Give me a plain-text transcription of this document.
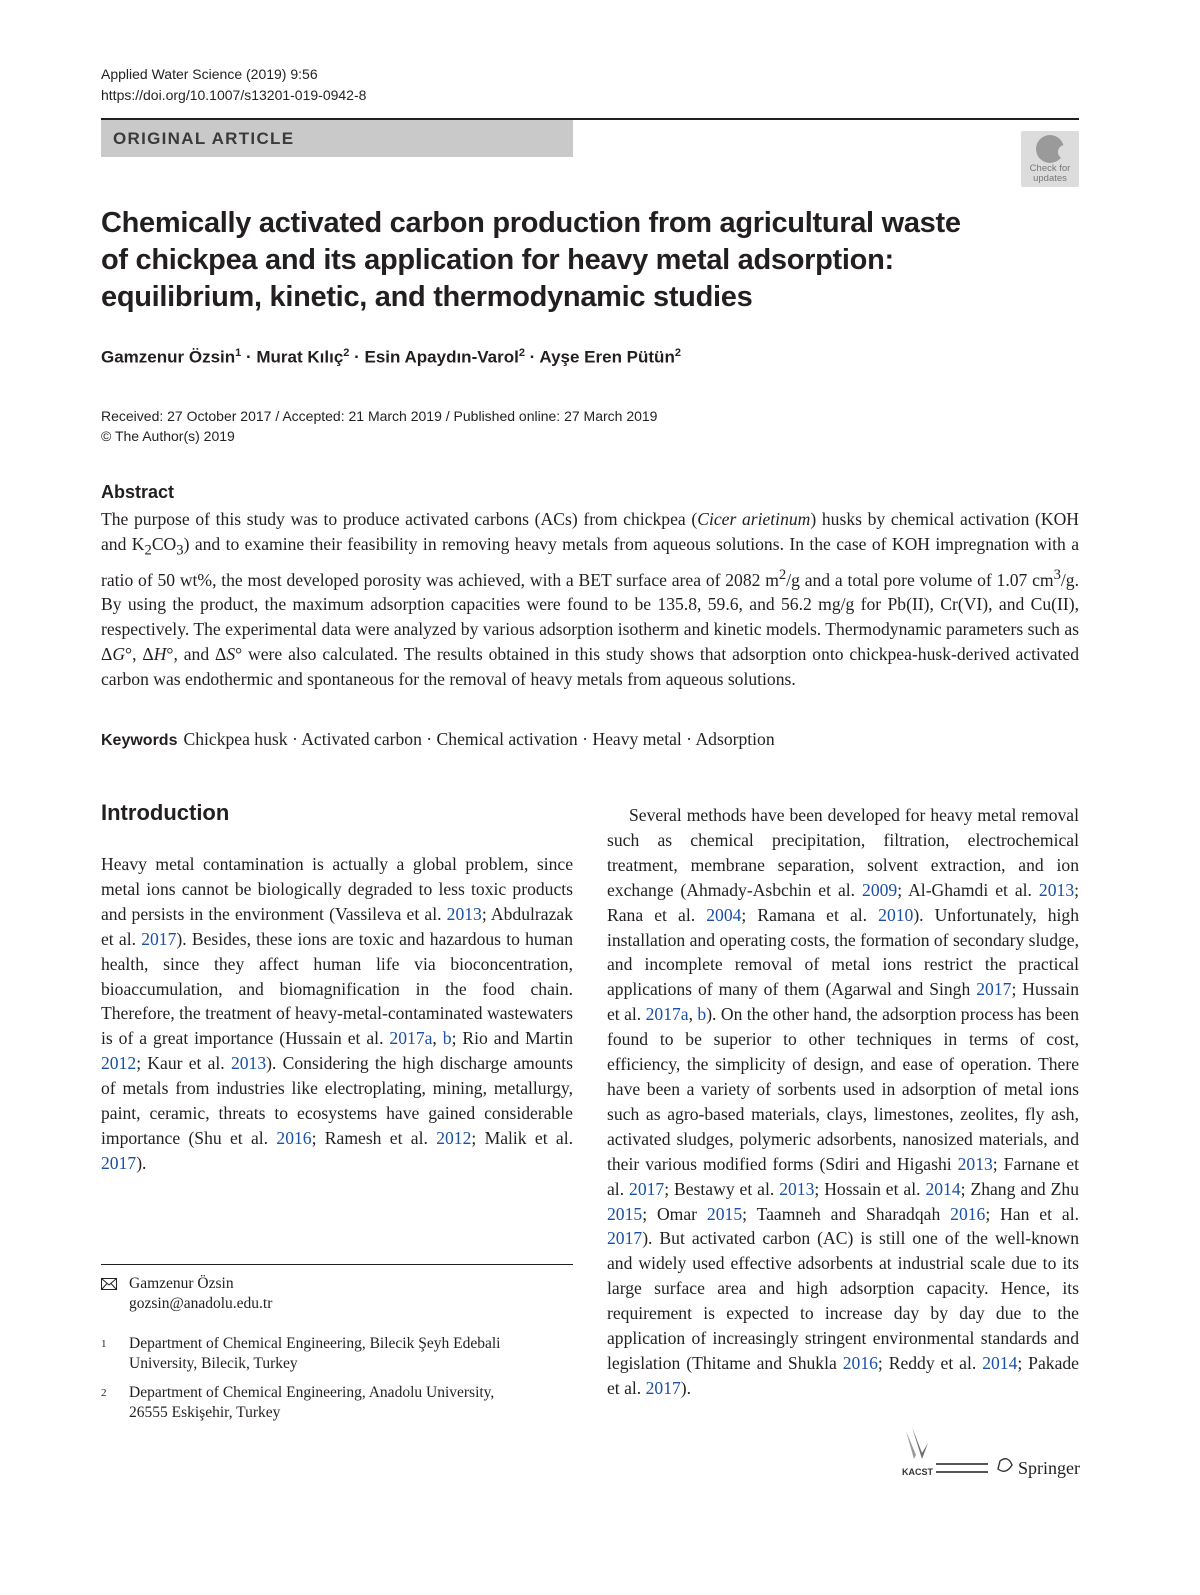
Applied Water Science (2019) 9:56
https://doi.org/10.1007/s13201-019-0942-8
ORIGINAL ARTICLE
Check for
updates
Chemically activated carbon production from agricultural waste
of chickpea and its application for heavy metal adsorption:
equilibrium, kinetic, and thermodynamic studies
Gamzenur Özsin$^1$ · Murat Kılıç$^2$ · Esin Apaydın-Varol$^2$ · Ayşe Eren Pütün$^2$
Received: 27 October 2017 / Accepted: 21 March 2019 / Published online: 27 March 2019
© The Author(s) 2019
Abstract
The purpose of this study was to produce activated carbons (ACs) from chickpea (Cicer arietinum) husks by chemical activation (KOH and $K_2CO_3$) and to examine their feasibility in removing heavy metals from aqueous solutions. In the case of KOH impregnation with a ratio of 50 wt%, the most developed porosity was achieved, with a BET surface area of 2082 $m^2/g$ and a total pore volume of 1.07 $cm^3/g$. By using the product, the maximum adsorption capacities were found to be 135.8, 59.6, and 56.2 mg/g for Pb(II), Cr(VI), and Cu(II), respectively. The experimental data were analyzed by various adsorption isotherm and kinetic models. Thermodynamic parameters such as ΔG°, ΔH°, and ΔS° were also calculated. The results obtained in this study shows that adsorption onto chickpea-husk-derived activated carbon was endothermic and spontaneous for the removal of heavy metals from aqueous solutions.
Keywords Chickpea husk · Activated carbon · Chemical activation · Heavy metal · Adsorption
Introduction

Heavy metal contamination is actually a global problem, since metal ions cannot be biologically degraded to less toxic products and persists in the environment (Vassileva et al. 2013; Abdulrazak et al. 2017). Besides, these ions are toxic and hazardous to human health, since they affect human life via bioconcentration, bioaccumulation, and biomagnification in the food chain. Therefore, the treatment of heavy-metal-contaminated wastewaters is of a great importance (Hussain et al. 2017a, b; Rio and Martin 2012; Kaur et al. 2013). Considering the high discharge amounts of metals from industries like electroplating, mining, metallurgy, paint, ceramic, threats to ecosystems have gained considerable importance (Shu et al. 2016; Ramesh et al. 2012; Malik et al. 2017).

Several methods have been developed for heavy metal removal such as chemical precipitation, filtration, electrochemical treatment, membrane separation, solvent extraction, and ion exchange (Ahmady-Asbchin et al. 2009; Al-Ghamdi et al. 2013; Rana et al. 2004; Ramana et al. 2010). Unfortunately, high installation and operating costs, the formation of secondary sludge, and incomplete removal of metal ions restrict the practical applications of many of them (Agarwal and Singh 2017; Hussain et al. 2017a, b). On the other hand, the adsorption process has been found to be superior to other techniques in terms of cost, efficiency, the simplicity of design, and ease of operation. There have been a variety of sorbents used in adsorption of metal ions such as agro-based materials, clays, limestones, zeolites, fly ash, activated sludges, polymeric adsorbents, nanosized materials, and their various modified forms (Sdiri and Higashi 2013; Farnane et al. 2017; Bestawy et al. 2013; Hossain et al. 2014; Zhang and Zhu 2015; Omar 2015; Taamneh and Sharadqah 2016; Han et al. 2017). But activated carbon (AC) is still one of the well-known and widely used effective adsorbents at industrial scale due to its large surface area and high adsorption capacity. Hence, its requirement is expected to increase day by day due to the application of increasingly stringent environmental standards and legislation (Thitame and Shukla 2016; Reddy et al. 2014; Pakade et al. 2017).

Gamzenur Özsin
gozsin@anadolu.edu.tr
1 Department of Chemical Engineering, Bilecik Şeyh Edebali
University, Bilecik, Turkey
2 Department of Chemical Engineering, Anadolu University,
26555 Eskişehir, Turkey
KACST	Springer
